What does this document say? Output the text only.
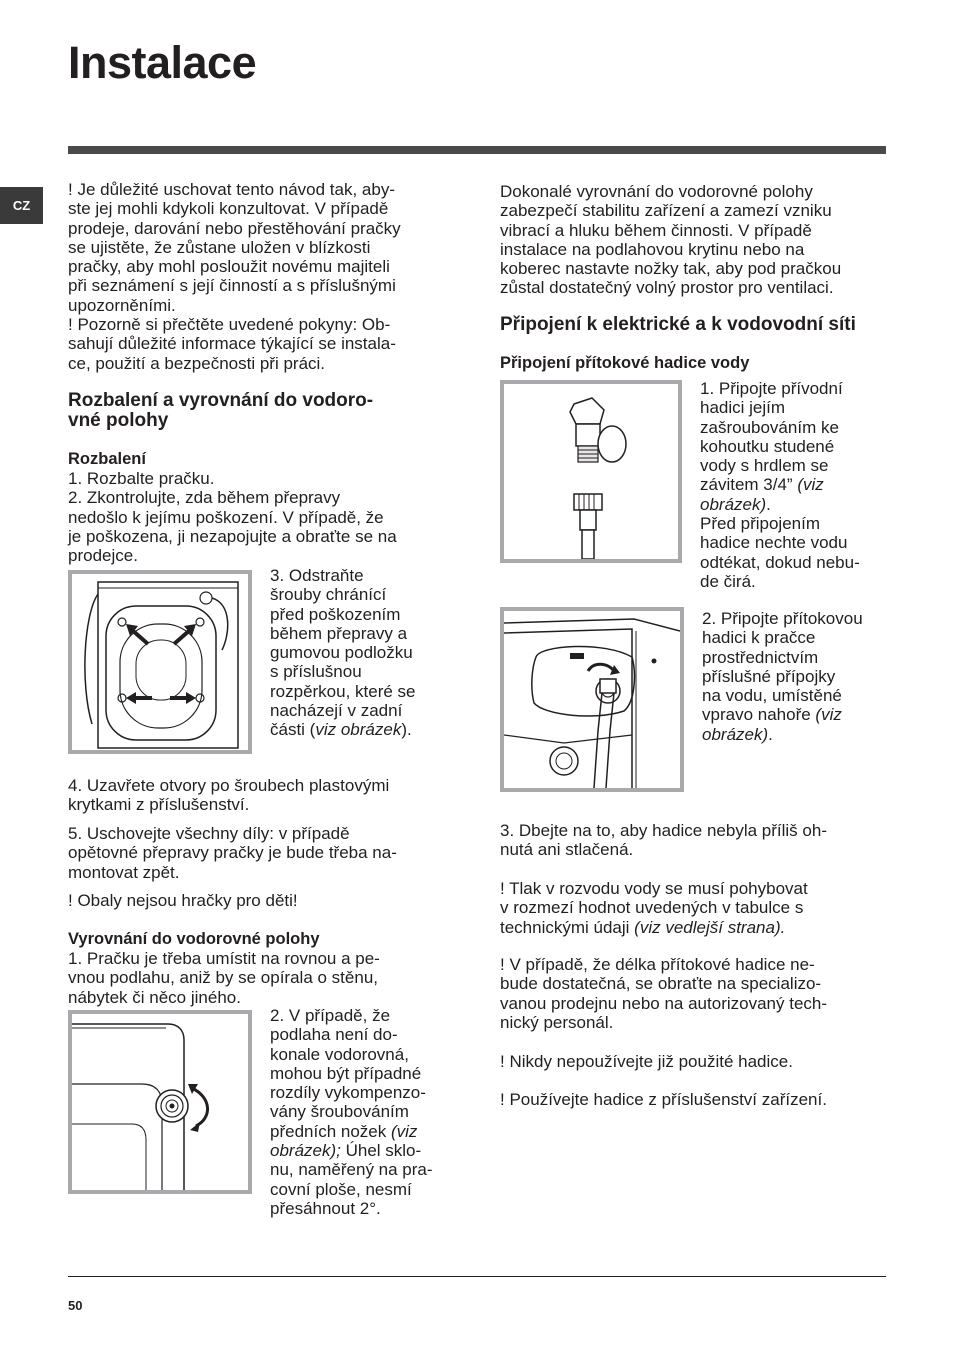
Instalace
CZ

! Je důležité uschovat tento návod tak, aby-
ste jej mohli kdykoli konzultovat. V případě
prodeje, darování nebo přestěhování pračky
se ujistěte, že zůstane uložen v blízkosti
pračky, aby mohl posloužit novému majiteli
při seznámení s její činností a s příslušnými
upozorněními.
! Pozorně si přečtěte uvedené pokyny: Ob-
sahují důležité informace týkající se instala-
ce, použití a bezpečnosti při práci.

Rozbalení a vyrovnání do vodoro-
vné polohy
Rozbalení

1. Rozbalte pračku.
2. Zkontrolujte, zda během přepravy
nedošlo k jejímu poškození. V případě, že
je poškozena, ji nezapojujte a obraťte se na
prodejce.

3. Odstraňte
šrouby chránící
před poškozením
během přepravy a
gumovou podložku
s příslušnou
rozpěrkou, které se
nacházejí v zadní
části (viz obrázek).

4. Uzavřete otvory po šroubech plastovými
krytkami z příslušenství.

5. Uschovejte všechny díly: v případě
opětovné přepravy pračky je bude třeba na-
montovat zpět.

! Obaly nejsou hračky pro děti!

Vyrovnání do vodorovné polohy

1. Pračku je třeba umístit na rovnou a pe-
vnou podlahu, aniž by se opírala o stěnu,
nábytek či něco jiného.

2. V případě, že
podlaha není do-
konale vodorovná,
mohou být případné
rozdíly vykompenzo-
vány šroubováním
předních nožek (viz
obrázek); Úhel sklo-
nu, naměřený na pra-
covní ploše, nesmí
přesáhnout 2°.

Dokonalé vyrovnání do vodorovné polohy
zabezpečí stabilitu zařízení a zamezí vzniku
vibrací a hluku během činnosti. V případě
instalace na podlahovou krytinu nebo na
koberec nastavte nožky tak, aby pod pračkou
zůstal dostatečný volný prostor pro ventilaci.

Připojení k elektrické a k vodovodní síti
Připojení přítokové hadice vody

1. Připojte přívodní
hadici jejím
zašroubováním ke
kohoutku studené
vody s hrdlem se
závitem 3/4” (viz
obrázek).
Před připojením
hadice nechte vodu
odtékat, dokud nebu-
de čirá.

2. Připojte přítokovou
hadici k pračce
prostřednictvím
příslušné přípojky
na vodu, umístěné
vpravo nahoře (viz
obrázek).

3. Dbejte na to, aby hadice nebyla příliš oh-
nutá ani stlačená.

! Tlak v rozvodu vody se musí pohybovat
v rozmezí hodnot uvedených v tabulce s
technickými údaji (viz vedlejší strana).

! V případě, že délka přítokové hadice ne-
bude dostatečná, se obraťte na specializo-
vanou prodejnu nebo na autorizovaný tech-
nický personál.

! Nikdy nepoužívejte již použité hadice.

! Používejte hadice z příslušenství zařízení.

50
